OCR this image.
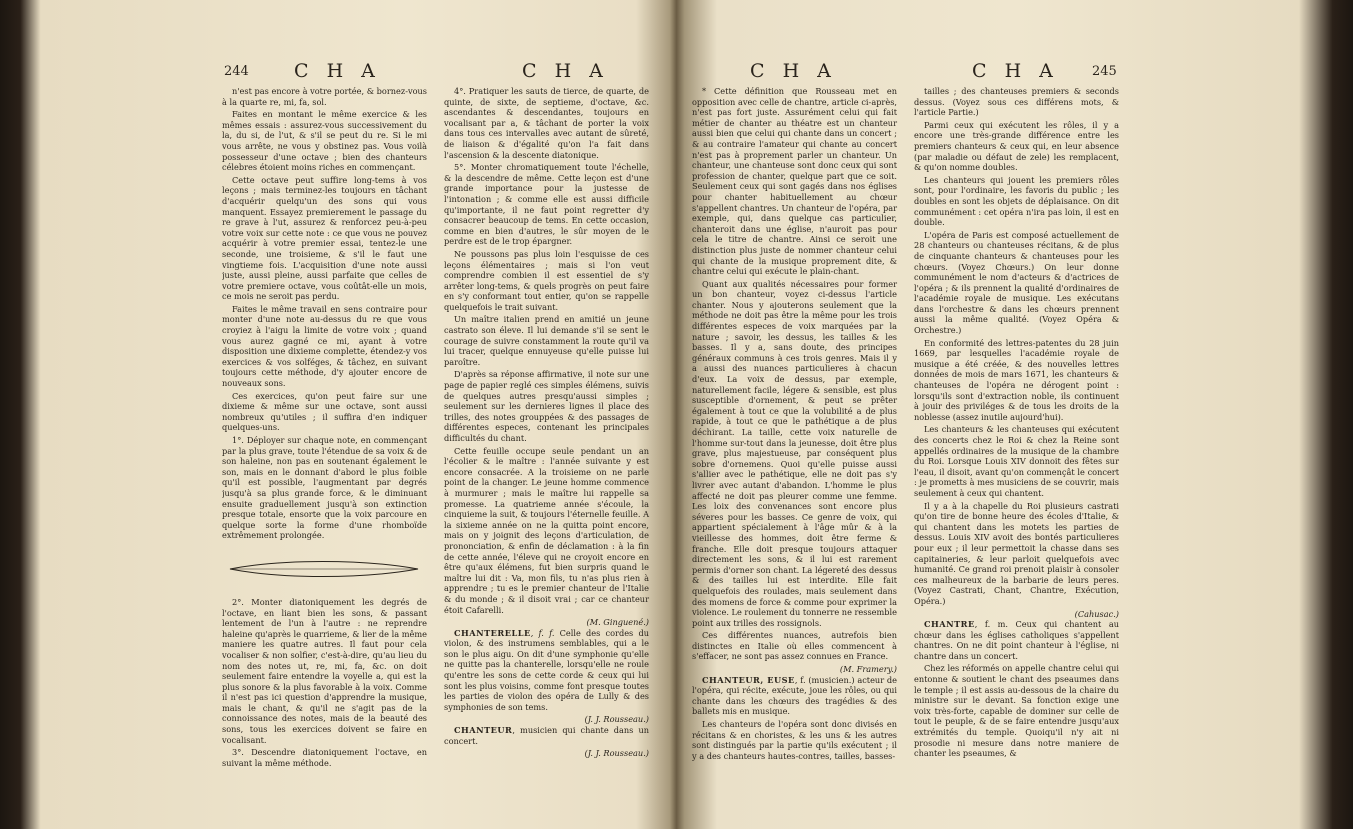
244 C H A	C H A

n'est pas encore à votre portée, & bornez-vous à la quarte re, mi, fa, sol.

Faites en montant le même exercice & les mêmes essais : assurez-vous successivement du la, du si, de l'ut, & s'il se peut du re. Si le mi vous arrête, ne vous y obstinez pas. Vous voilà possesseur d'une octave ; bien des chanteurs célebres étoient moins riches en commençant.

Cette octave peut suffire long-tems à vos leçons ; mais terminez-les toujours en tâchant d'acquérir quelqu'un des sons qui vous manquent. Essayez premierement le passage du re grave à l'ut, assurez & renforcez peu-à-peu votre voix sur cette note : ce que vous ne pouvez acquérir à votre premier essai, tentez-le une seconde, une troisieme, & s'il le faut une vingtieme fois. L'acquisition d'une note aussi juste, aussi pleine, aussi parfaite que celles de votre premiere octave, vous coûtât-elle un mois, ce mois ne seroit pas perdu.

Faites le même travail en sens contraire pour monter d'une note au-dessus du re que vous croyiez à l'aigu la limite de votre voix ; quand vous aurez gagné ce mi, ayant à votre disposition une dixieme complette, étendez-y vos exercices & vos solféges, & tâchez, en suivant toujours cette méthode, d'y ajouter encore de nouveaux sons.

Ces exercices, qu'on peut faire sur une dixieme & même sur une octave, sont aussi nombreux qu'utiles ; il suffira d'en indiquer quelques-uns.

1°. Déployer sur chaque note, en commençant par la plus grave, toute l'étendue de sa voix & de son haleine, non pas en soutenant également le son, mais en le donnant d'abord le plus foible qu'il est possible, l'augmentant par degrés jusqu'à sa plus grande force, & le diminuant ensuite graduellement jusqu'à son extinction presque totale, ensorte que la voix parcoure en quelque sorte la forme d'une rhomboïde extrêmement prolongée.

2°. Monter diatoniquement les degrés de l'octave, en liant bien les sons, & passant lentement de l'un à l'autre : ne reprendre haleine qu'après le quarrieme, & lier de la même maniere les quatre autres. Il faut pour cela vocaliser & non solfier, c'est-à-dire, qu'au lieu du nom des notes ut, re, mi, fa, &c. on doit seulement faire entendre la voyelle a, qui est la plus sonore & la plus favorable à la voix. Comme il n'est pas ici question d'apprendre la musique, mais le chant, & qu'il ne s'agit pas de la connoissance des notes, mais de la beauté des sons, tous les exercices doivent se faire en vocalisant.

3°. Descendre diatoniquement l'octave, en suivant la même méthode.

4°. Pratiquer les sauts de tierce, de quarte, de quinte, de sixte, de septieme, d'octave, &c. ascendantes & descendantes, toujours en vocalisant par a, & tâchant de porter la voix dans tous ces intervalles avec autant de sûreté, de liaison & d'égalité qu'on l'a fait dans l'ascension & la descente diatonique.

5°. Monter chromatiquement toute l'échelle, & la descendre de même. Cette leçon est d'une grande importance pour la justesse de l'intonation ; & comme elle est aussi difficile qu'importante, il ne faut point regretter d'y consacrer beaucoup de tems. En cette occasion, comme en bien d'autres, le sûr moyen de le perdre est de le trop épargner.

Ne poussons pas plus loin l'esquisse de ces leçons élémentaires ; mais si l'on veut comprendre combien il est essentiel de s'y arrêter long-tems, & quels progrès on peut faire en s'y conformant tout entier, qu'on se rappelle quelquefois le trait suivant.

Un maître italien prend en amitié un jeune castrato son éleve. Il lui demande s'il se sent le courage de suivre constamment la route qu'il va lui tracer, quelque ennuyeuse qu'elle puisse lui paroître.

D'après sa réponse affirmative, il note sur une page de papier reglé ces simples élémens, suivis de quelques autres presqu'aussi simples ; seulement sur les dernieres lignes il place des trilles, des notes grouppées & des passages de différentes especes, contenant les principales difficultés du chant.

Cette feuille occupe seule pendant un an l'écolier & le maître : l'année suivante y est encore consacrée. A la troisieme on ne parle point de la changer. Le jeune homme commence à murmurer ; mais le maître lui rappelle sa promesse. La quatrieme année s'écoule, la cinquieme la suit, & toujours l'éternelle feuille. A la sixieme année on ne la quitta point encore, mais on y joignit des leçons d'articulation, de prononciation, & enfin de déclamation : à la fin de cette année, l'éleve qui ne croyoit encore en être qu'aux élémens, fut bien surpris quand le maître lui dit : Va, mon fils, tu n'as plus rien à apprendre ; tu es le premier chanteur de l'Italie & du monde ; & il disoit vrai ; car ce chanteur étoit Cafarelli.

(M. Ginguené.)

CHANTERELLE, f. f. Celle des cordes du violon, & des instrumens semblables, qui a le son le plus aigu. On dit d'une symphonie qu'elle ne quitte pas la chanterelle, lorsqu'elle ne roule qu'entre les sons de cette corde & ceux qui lui sont les plus voisins, comme font presque toutes les parties de violon des opéra de Lully & des symphonies de son tems.

(J. J. Rousseau.)

CHANTEUR, musicien qui chante dans un concert.

(J. J. Rousseau.)
C H A	C H A	245

* Cette définition que Rousseau met en opposition avec celle de chantre, article ci-après, n'est pas fort juste. Assurément celui qui fait métier de chanter au théatre est un chanteur aussi bien que celui qui chante dans un concert ; & au contraire l'amateur qui chante au concert n'est pas à proprement parler un chanteur. Un chanteur, une chanteuse sont donc ceux qui sont profession de chanter, quelque part que ce soit. Seulement ceux qui sont gagés dans nos églises pour chanter habituellement au chœur s'appellent chantres. Un chanteur de l'opéra, par exemple, qui, dans quelque cas particulier, chanteroit dans une église, n'auroit pas pour cela le titre de chantre. Ainsi ce seroit une distinction plus juste de nommer chanteur celui qui chante de la musique proprement dite, & chantre celui qui exécute le plain-chant.

Quant aux qualités nécessaires pour former un bon chanteur, voyez ci-dessus l'article chanter. Nous y ajouterons seulement que la méthode ne doit pas être la même pour les trois différentes especes de voix marquées par la nature ; savoir, les dessus, les tailles & les basses. Il y a, sans doute, des principes généraux communs à ces trois genres. Mais il y a aussi des nuances particulieres à chacun d'eux. La voix de dessus, par exemple, naturellement facile, légere & sensible, est plus susceptible d'ornement, & peut se prêter également à tout ce que la volubilité a de plus rapide, à tout ce que le pathétique a de plus déchirant. La taille, cette voix naturelle de l'homme sur-tout dans la jeunesse, doit être plus grave, plus majestueuse, par conséquent plus sobre d'ornemens. Quoi qu'elle puisse aussi s'allier avec le pathétique, elle ne doit pas s'y livrer avec autant d'abandon. L'homme le plus affecté ne doit pas pleurer comme une femme. Les loix des convenances sont encore plus séveres pour les basses. Ce genre de voix, qui appartient spécialement à l'âge mûr & à la vieillesse des hommes, doit être ferme & franche. Elle doit presque toujours attaquer directement les sons, & il lui est rarement permis d'orner son chant. La légereté des dessus & des tailles lui est interdite. Elle fait quelquefois des roulades, mais seulement dans des momens de force & comme pour exprimer la violence. Le roulement du tonnerre ne ressemble point aux trilles des rossignols.

Ces différentes nuances, autrefois bien distinctes en Italie où elles commencent à s'effacer, ne sont pas assez connues en France.

(M. Framery.)

CHANTEUR, EUSE, f. (musicien.) acteur de l'opéra, qui récite, exécute, joue les rôles, ou qui chante dans les chœurs des tragédies & des ballets mis en musique.

Les chanteurs de l'opéra sont donc divisés en récitans & en choristes, & les uns & les autres sont distingués par la partie qu'ils exécutent ; il y a des chanteurs hautes-contres, tailles, basses-

tailles ; des chanteuses premiers & seconds dessus. (Voyez sous ces différens mots, & l'article Partie.)

Parmi ceux qui exécutent les rôles, il y a encore une très-grande différence entre les premiers chanteurs & ceux qui, en leur absence (par maladie ou défaut de zele) les remplacent, & qu'on nomme doubles.

Les chanteurs qui jouent les premiers rôles sont, pour l'ordinaire, les favoris du public ; les doubles en sont les objets de déplaisance. On dit communément : cet opéra n'ira pas loin, il est en double.

L'opéra de Paris est composé actuellement de 28 chanteurs ou chanteuses récitans, & de plus de cinquante chanteurs & chanteuses pour les chœurs. (Voyez Chœurs.) On leur donne communément le nom d'acteurs & d'actrices de l'opéra ; & ils prennent la qualité d'ordinaires de l'académie royale de musique. Les exécutans dans l'orchestre & dans les chœurs prennent aussi la même qualité. (Voyez Opéra & Orchestre.)

En conformité des lettres-patentes du 28 juin 1669, par lesquelles l'académie royale de musique a été créée, & des nouvelles lettres données de mois de mars 1671, les chanteurs & chanteuses de l'opéra ne dérogent point : lorsqu'ils sont d'extraction noble, ils continuent à jouir des priviléges & de tous les droits de la noblesse (assez inutile aujourd'hui).

Les chanteurs & les chanteuses qui exécutent des concerts chez le Roi & chez la Reine sont appellés ordinaires de la musique de la chambre du Roi. Lorsque Louis XIV donnoit des fêtes sur l'eau, il disoit, avant qu'on commençât le concert : je prometts à mes musiciens de se couvrir, mais seulement à ceux qui chantent.

Il y a à la chapelle du Roi plusieurs castrati qu'on tire de bonne heure des écoles d'Italie, & qui chantent dans les motets les parties de dessus. Louis XIV avoit des bontés particulieres pour eux ; il leur permettoit la chasse dans ses capitaineries, & leur parloit quelquefois avec humanité. Ce grand roi prenoit plaisir à consoler ces malheureux de la barbarie de leurs peres. (Voyez Castrati, Chant, Chantre, Exécution, Opéra.)

(Cahusac.)

CHANTRE, f. m. Ceux qui chantent au chœur dans les églises catholiques s'appellent chantres. On ne dit point chanteur à l'église, ni chantre dans un concert.

Chez les réformés on appelle chantre celui qui entonne & soutient le chant des pseaumes dans le temple ; il est assis au-dessous de la chaire du ministre sur le devant. Sa fonction exige une voix très-forte, capable de dominer sur celle de tout le peuple, & de se faire entendre jusqu'aux extrémités du temple. Quoiqu'il n'y ait ni prosodie ni mesure dans notre maniere de chanter les pseaumes, &
